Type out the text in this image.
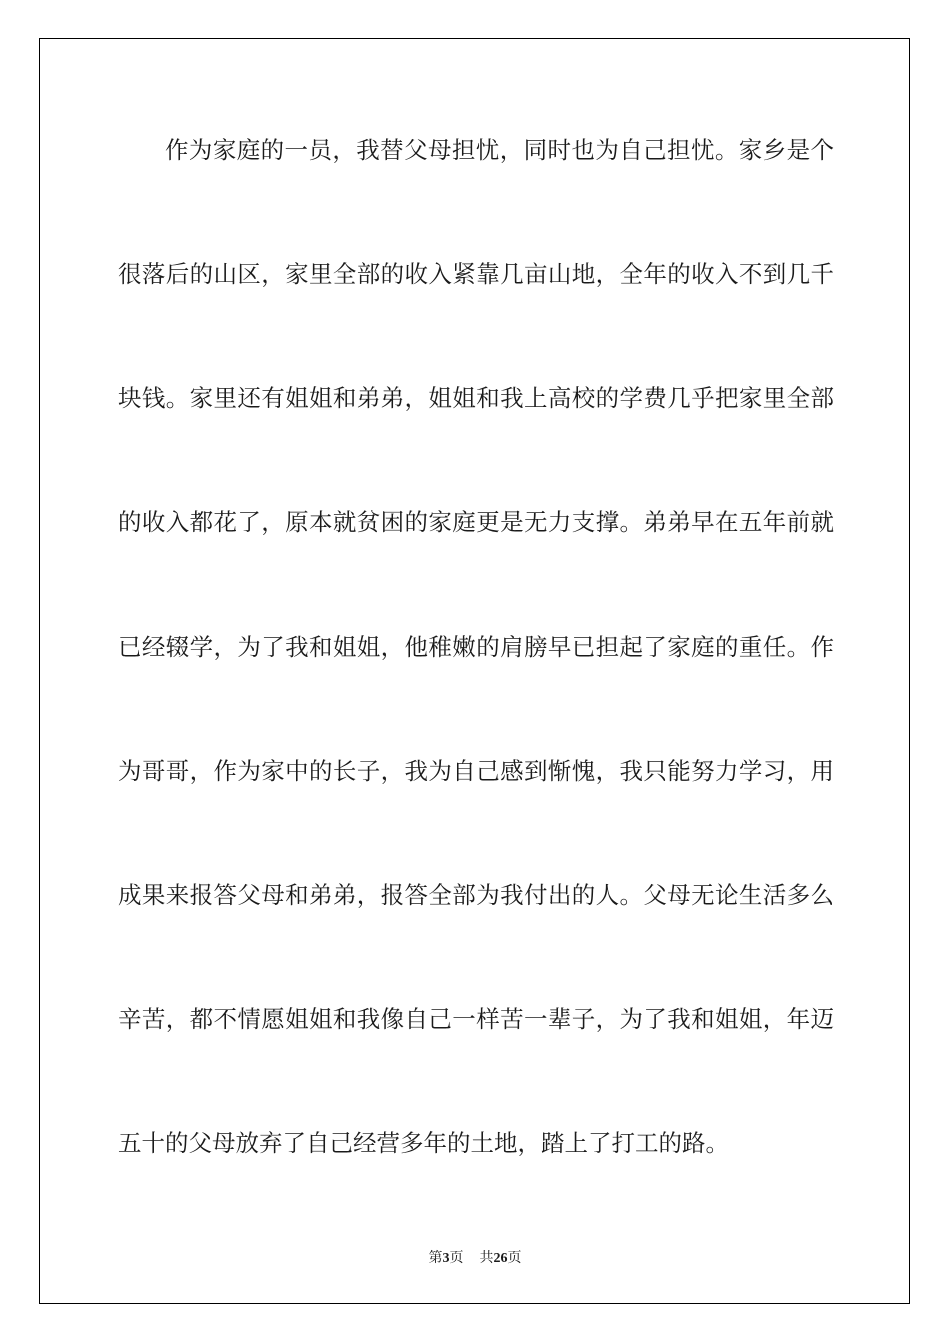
作为家庭的一员，我替父母担忧，同时也为自己担忧。家乡是个
很落后的山区，家里全部的收入紧靠几亩山地，全年的收入不到几千
块钱。家里还有姐姐和弟弟，姐姐和我上高校的学费几乎把家里全部
的收入都花了，原本就贫困的家庭更是无力支撑。弟弟早在五年前就
已经辍学，为了我和姐姐，他稚嫩的肩膀早已担起了家庭的重任。作
为哥哥，作为家中的长子，我为自己感到惭愧，我只能努力学习，用
成果来报答父母和弟弟，报答全部为我付出的人。父母无论生活多么
辛苦，都不情愿姐姐和我像自己一样苦一辈子，为了我和姐姐，年迈
五十的父母放弃了自己经营多年的土地，踏上了打工的路。
第3页 共26页
